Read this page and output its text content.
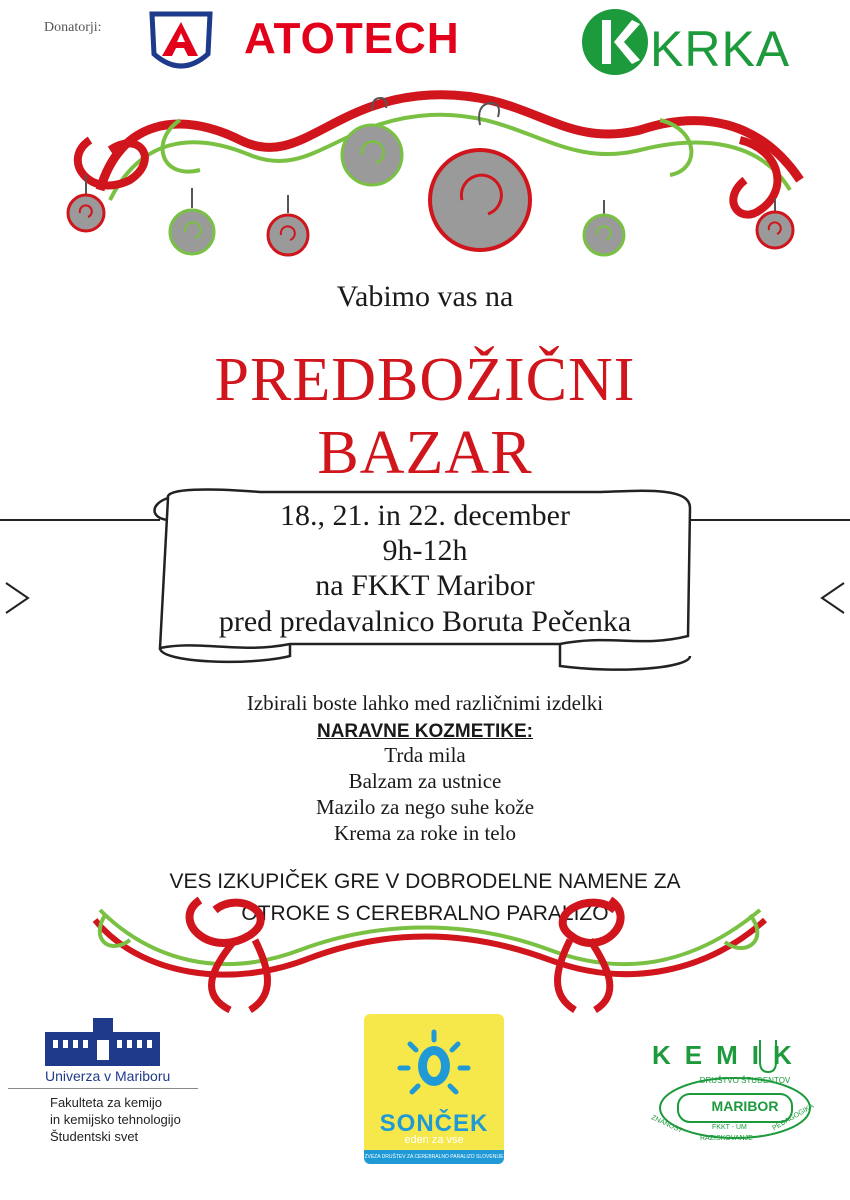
Donatorji:	ATOTECH	KRKA
Vabimo vas na
PREDBOŽIČNI
BAZAR
18., 21. in 22. december
9h-12h
na FKKT Maribor
pred predavalnico Boruta Pečenka
Izbirali boste lahko med različnimi izdelki
NARAVNE KOZMETIKE:
Trda mila
Balzam za ustnice
Mazilo za nego suhe kože
Krema za roke in telo
VES IZKUPIČEK GRE V DOBRODELNE NAMENE ZA
OTROKE S CEREBRALNO PARALIZO
Univerza v Mariboru
Fakulteta za kemijo
in kemijsko tehnologijo
Študentski svet	SONČEK
eden za vse
ZVEZA DRUŠTEV ZA CEREBRALNO PARALIZO SLOVENIJE
KEMIK
DRUŠTVO ŠTUDENTOV
MARIBOR
ZNANOST	FKKT - UM
RAZISKOVANJE
PEDAGOGIKA
